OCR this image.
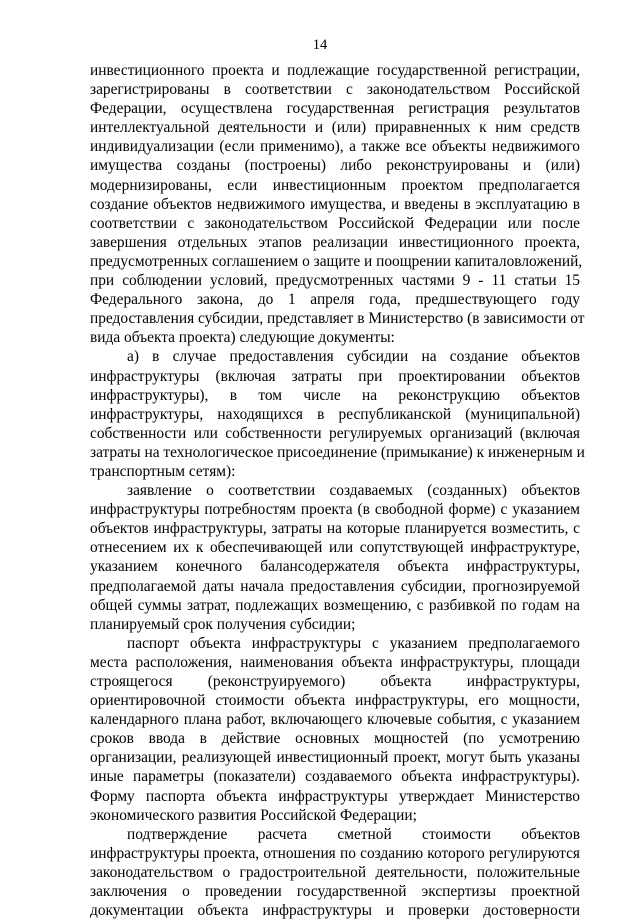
14
инвестиционного проекта и подлежащие государственной регистрации,
зарегистрированы в соответствии с законодательством Российской
Федерации, осуществлена государственная регистрация результатов
интеллектуальной деятельности и (или) приравненных к ним средств
индивидуализации (если применимо), а также все объекты недвижимого
имущества созданы (построены) либо реконструированы и (или)
модернизированы, если инвестиционным проектом предполагается
создание объектов недвижимого имущества, и введены в эксплуатацию в
соответствии с законодательством Российской Федерации или после
завершения отдельных этапов реализации инвестиционного проекта,
предусмотренных соглашением о защите и поощрении капиталовложений,
при соблюдении условий, предусмотренных частями 9 - 11 статьи 15
Федерального закона, до 1 апреля года, предшествующего году
предоставления субсидии, представляет в Министерство (в зависимости от
вида объекта проекта) следующие документы:
а) в случае предоставления субсидии на создание объектов
инфраструктуры (включая затраты при проектировании объектов
инфраструктуры), в том числе на реконструкцию объектов
инфраструктуры, находящихся в республиканской (муниципальной)
собственности или собственности регулируемых организаций (включая
затраты на технологическое присоединение (примыкание) к инженерным и
транспортным сетям):
заявление о соответствии создаваемых (созданных) объектов
инфраструктуры потребностям проекта (в свободной форме) с указанием
объектов инфраструктуры, затраты на которые планируется возместить, с
отнесением их к обеспечивающей или сопутствующей инфраструктуре,
указанием конечного балансодержателя объекта инфраструктуры,
предполагаемой даты начала предоставления субсидии, прогнозируемой
общей суммы затрат, подлежащих возмещению, с разбивкой по годам на
планируемый срок получения субсидии;
паспорт объекта инфраструктуры с указанием предполагаемого
места расположения, наименования объекта инфраструктуры, площади
строящегося (реконструируемого) объекта инфраструктуры,
ориентировочной стоимости объекта инфраструктуры, его мощности,
календарного плана работ, включающего ключевые события, с указанием
сроков ввода в действие основных мощностей (по усмотрению
организации, реализующей инвестиционный проект, могут быть указаны
иные параметры (показатели) создаваемого объекта инфраструктуры).
Форму паспорта объекта инфраструктуры утверждает Министерство
экономического развития Российской Федерации;
подтверждение расчета сметной стоимости объектов
инфраструктуры проекта, отношения по созданию которого регулируются
законодательством о градостроительной деятельности, положительные
заключения о проведении государственной экспертизы проектной
документации объекта инфраструктуры и проверки достоверности
